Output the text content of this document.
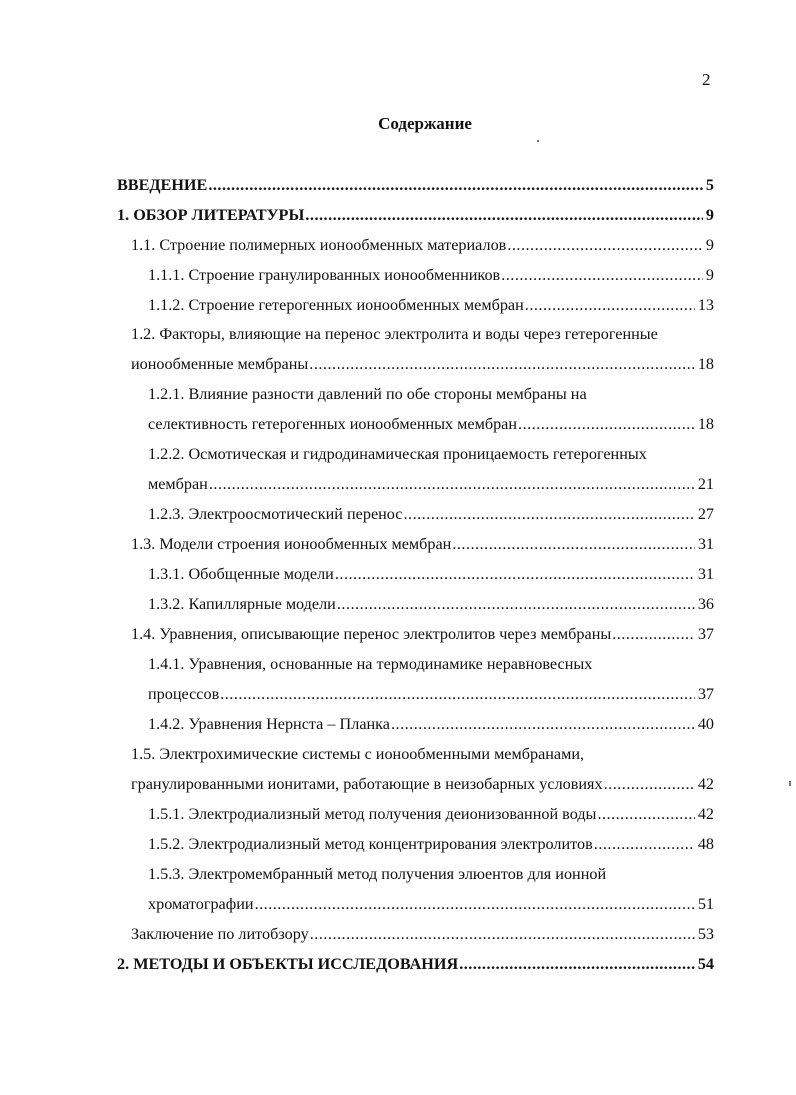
2
Содержание
ВВЕДЕНИЕ .....	5
1. ОБЗОР ЛИТЕРАТУРЫ .....	9
1.1. Строение полимерных ионообменных материалов .....	9
1.1.1. Строение гранулированных ионообменников .....	9
1.1.2. Строение гетерогенных ионообменных мембран .....	13
1.2. Факторы, влияющие на перенос электролита и воды через гетерогенные
ионообменные мембраны .....	18
1.2.1. Влияние разности давлений по обе стороны мембраны на
селективность гетерогенных ионообменных мембран .....	18
1.2.2. Осмотическая и гидродинамическая проницаемость гетерогенных
мембран .....	21
1.2.3. Электроосмотический перенос .....	27
1.3. Модели строения ионообменных мембран .....	31
1.3.1. Обобщенные модели .....	31
1.3.2. Капиллярные модели .....	36
1.4. Уравнения, описывающие перенос электролитов через мембраны .....	37
1.4.1. Уравнения, основанные на термодинамике неравновесных
процессов .....	37
1.4.2. Уравнения Нернста – Планка .....	40
1.5. Электрохимические системы с ионообменными мембранами,
гранулированными ионитами, работающие в неизобарных условиях .....	42
1.5.1. Электродиализный метод получения деионизованной воды .....	42
1.5.2. Электродиализный метод концентрирования электролитов .....	48
1.5.3. Электромембранный метод получения элюентов для ионной
хроматографии .....	51
Заключение по литобзору .....	53
2. МЕТОДЫ И ОБЪЕКТЫ ИССЛЕДОВАНИЯ .....	54
